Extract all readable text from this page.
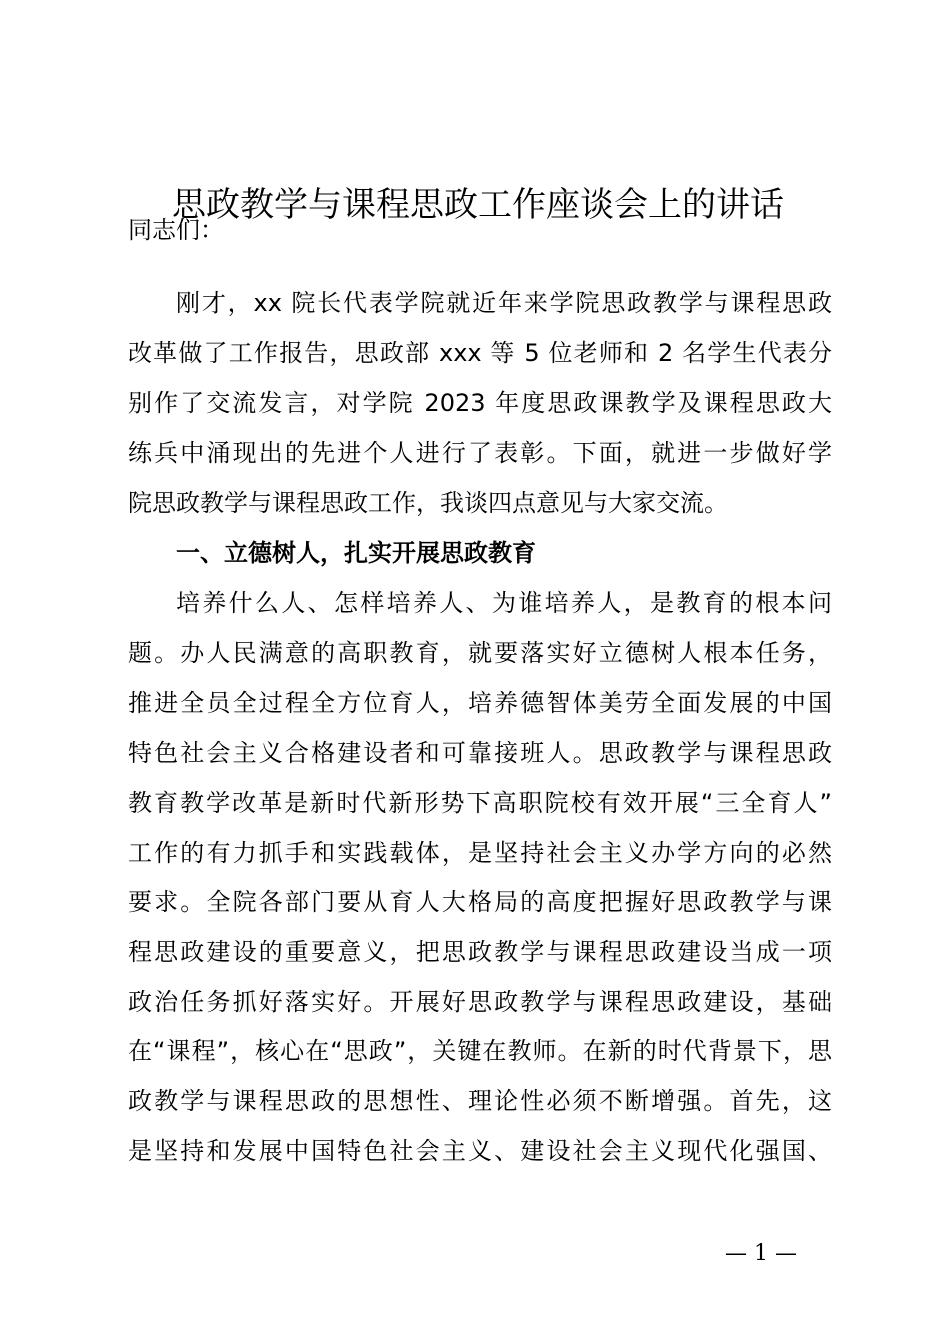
思政教学与课程思政工作座谈会上的讲话
同志们：
刚才，xx 院长代表学院就近年来学院思政教学与课程思政
改革做了工作报告，思政部 xxx 等 5 位老师和 2 名学生代表分
别作了交流发言，对学院 2023 年度思政课教学及课程思政大
练兵中涌现出的先进个人进行了表彰。下面，就进一步做好学
院思政教学与课程思政工作，我谈四点意见与大家交流。
一、立德树人，扎实开展思政教育
培养什么人、怎样培养人、为谁培养人，是教育的根本问
题。办人民满意的高职教育，就要落实好立德树人根本任务，
推进全员全过程全方位育人，培养德智体美劳全面发展的中国
特色社会主义合格建设者和可靠接班人。思政教学与课程思政
教育教学改革是新时代新形势下高职院校有效开展“三全育人”
工作的有力抓手和实践载体，是坚持社会主义办学方向的必然
要求。全院各部门要从育人大格局的高度把握好思政教学与课
程思政建设的重要意义，把思政教学与课程思政建设当成一项
政治任务抓好落实好。开展好思政教学与课程思政建设，基础
在“课程”，核心在“思政”，关键在教师。在新的时代背景下，思
政教学与课程思政的思想性、理论性必须不断增强。首先，这
是坚持和发展中国特色社会主义、建设社会主义现代化强国、
— 1 —
